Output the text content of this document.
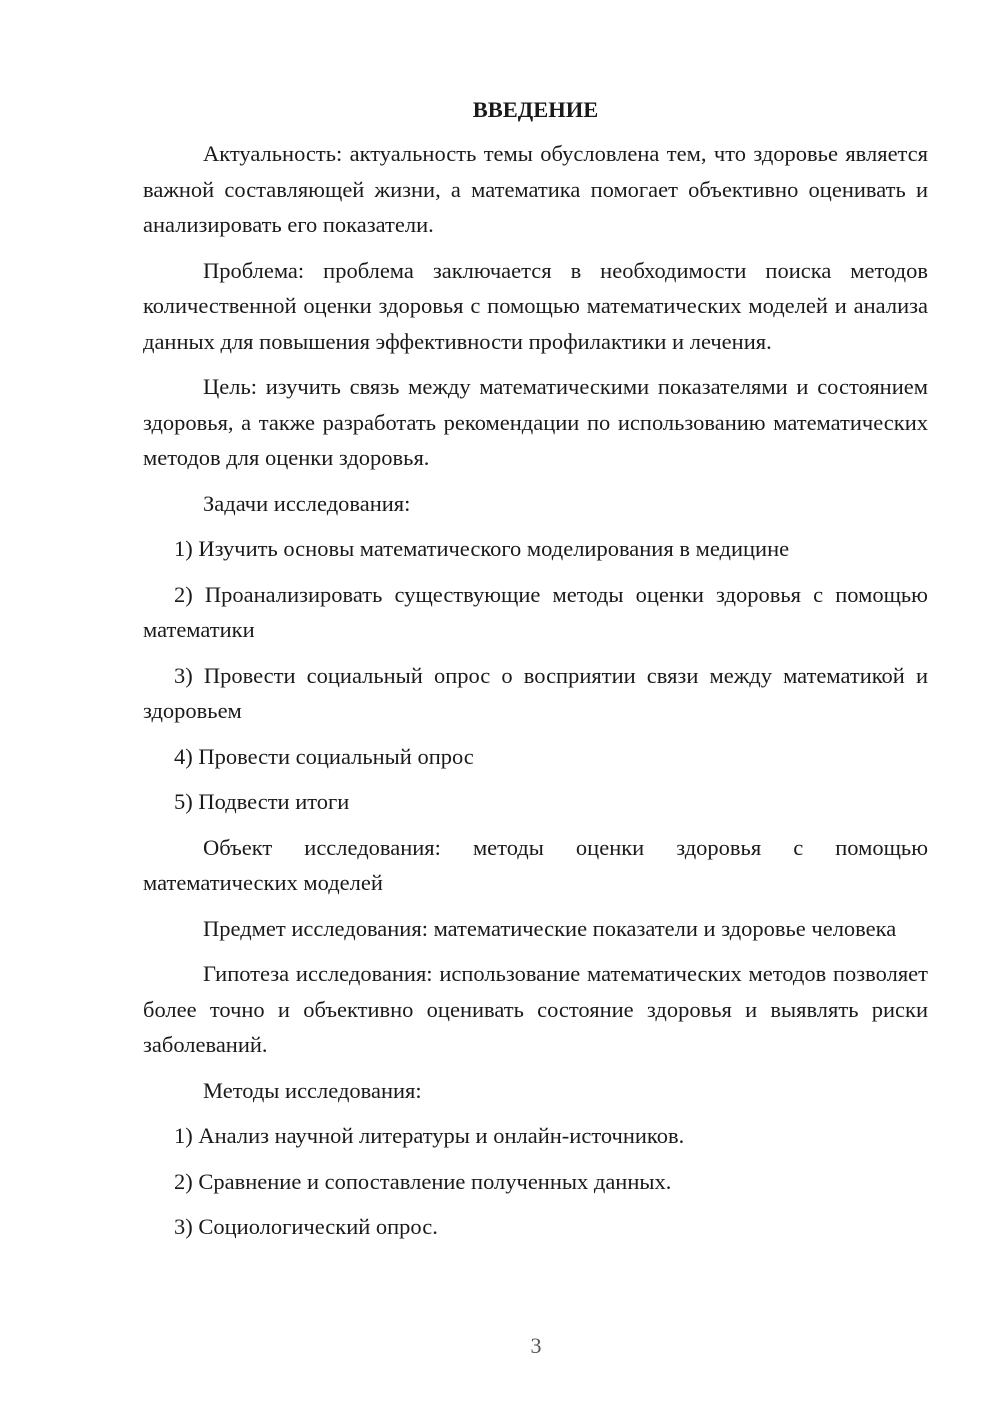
ВВЕДЕНИЕ

Актуальность: актуальность темы обусловлена тем, что здоровье является важной составляющей жизни, а математика помогает объективно оценивать и анализировать его показатели.

Проблема: проблема заключается в необходимости поиска методов количественной оценки здоровья с помощью математических моделей и анализа данных для повышения эффективности профилактики и лечения.

Цель: изучить связь между математическими показателями и состоянием здоровья, а также разработать рекомендации по использованию математических методов для оценки здоровья.

Задачи исследования:

1) Изучить основы математического моделирования в медицине

2) Проанализировать существующие методы оценки здоровья с помощью математики

3) Провести социальный опрос о восприятии связи между математикой и здоровьем

4) Провести социальный опрос

5) Подвести итоги

Объект исследования: методы оценки здоровья с помощью математических моделей

Предмет исследования: математические показатели и здоровье человека

Гипотеза исследования: использование математических методов позволяет более точно и объективно оценивать состояние здоровья и выявлять риски заболеваний.

Методы исследования:

1) Анализ научной литературы и онлайн-источников.

2) Сравнение и сопоставление полученных данных.

3) Социологический опрос.

3
